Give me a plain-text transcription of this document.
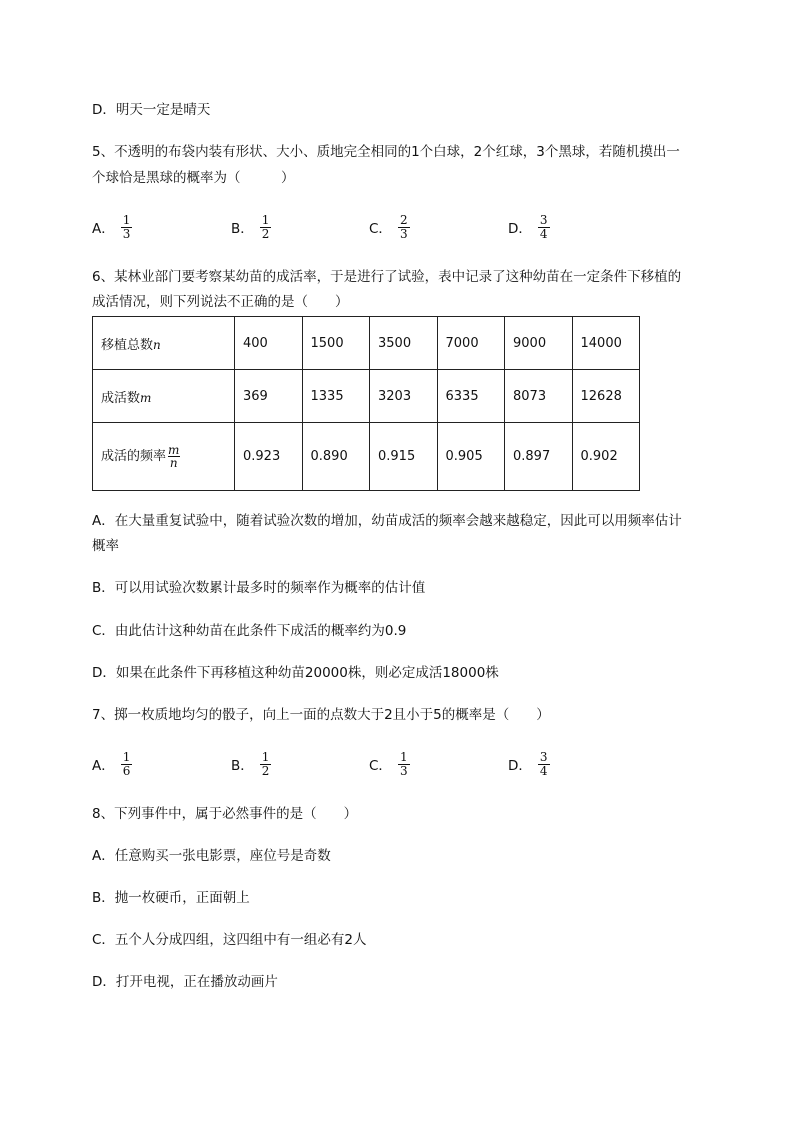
D．明天一定是晴天
5、不透明的布袋内装有形状、大小、质地完全相同的1个白球，2个红球，3个黑球，若随机摸出一
个球恰是黑球的概率为（　　　）
A． $\frac{1}{3}$	B． $\frac{1}{2}$	C． $\frac{2}{3}$	D． $\frac{3}{4}$
6、某林业部门要考察某幼苗的成活率，于是进行了试验，表中记录了这种幼苗在一定条件下移植的
成活情况，则下列说法不正确的是（　　）
移植总数n	400	1500	3500	7000	9000	14000
成活数m	369	1335	3203	6335	8073	12628
成活的频率 $\frac{m}{n}$	0.923	0.890	0.915	0.905	0.897	0.902
A．在大量重复试验中，随着试验次数的增加，幼苗成活的频率会越来越稳定，因此可以用频率估计
概率
B．可以用试验次数累计最多时的频率作为概率的估计值
C．由此估计这种幼苗在此条件下成活的概率约为0.9
D．如果在此条件下再移植这种幼苗20000株，则必定成活18000株
7、掷一枚质地均匀的骰子，向上一面的点数大于2且小于5的概率是（　　）
A． $\frac{1}{6}$	B． $\frac{1}{2}$	C． $\frac{1}{3}$	D． $\frac{3}{4}$
8、下列事件中，属于必然事件的是（　　）
A．任意购买一张电影票，座位号是奇数
B．抛一枚硬币，正面朝上
C．五个人分成四组，这四组中有一组必有2人
D．打开电视，正在播放动画片
